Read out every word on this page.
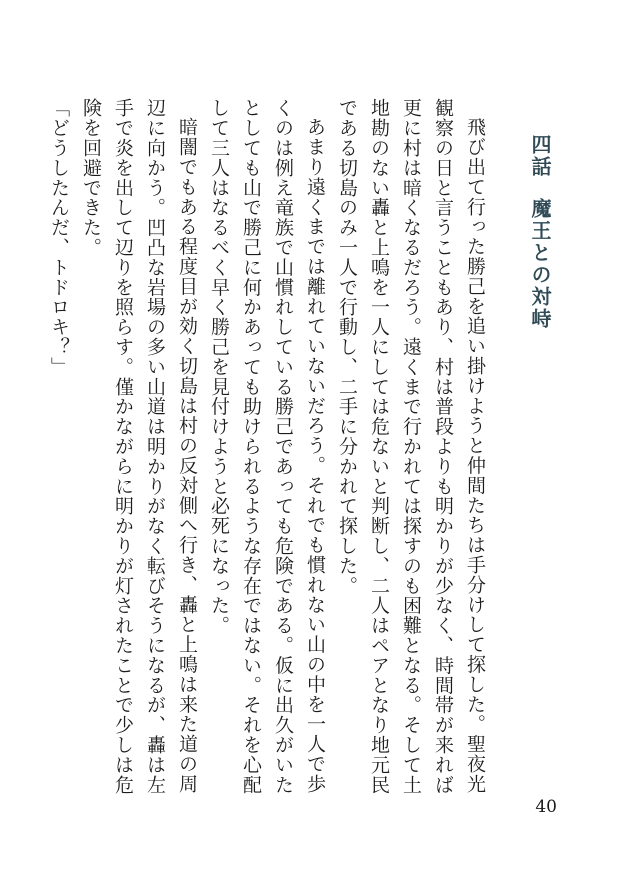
四話魔王との対峙

飛び出て行った勝己を追い掛けようと仲間たちは手分けして探した。聖夜光観察の日と言うこともあり、村は普段よりも明かりが少なく、時間帯が来れば更に村は暗くなるだろう。遠くまで行かれては探すのも困難となる。そして土地勘のない轟と上鳴を一人にしては危ないと判断し、二人はペアとなり地元民である切島のみ一人で行動し、二手に分かれて探した。

あまり遠くまでは離れていないだろう。それでも慣れない山の中を一人で歩くのは例え竜族で山慣れしている勝己であっても危険である。仮に出久がいたとしても山で勝己に何かあっても助けられるような存在ではない。それを心配して三人はなるべく早く勝己を見付けようと必死になった。

暗闇でもある程度目が効く切島は村の反対側へ行き、轟と上鳴は来た道の周辺に向かう。凹凸な岩場の多い山道は明かりがなく転びそうになるが、轟は左手で炎を出して辺りを照らす。僅かながらに明かりが灯されたことで少しは危険を回避できた。

「どうしたんだ、トドロキ？」

40
